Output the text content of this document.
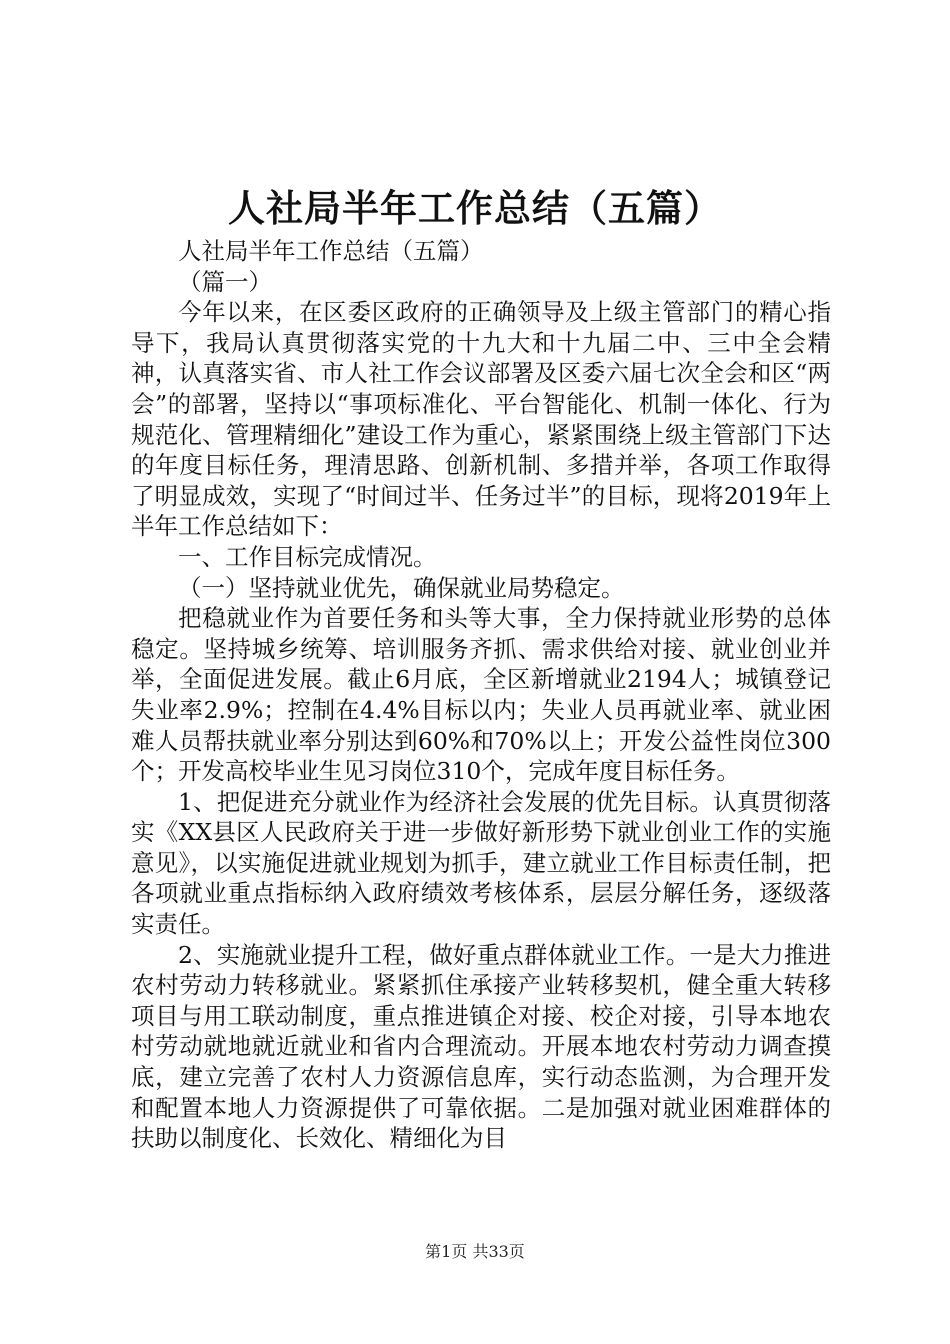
人社局半年工作总结（五篇）

人社局半年工作总结（五篇）

（篇一）

今年以来，在区委区政府的正确领导及上级主管部门的精心指导下，我局认真贯彻落实党的十九大和十九届二中、三中全会精神，认真落实省、市人社工作会议部署及区委六届七次全会和区“两会”的部署，坚持以“事项标准化、平台智能化、机制一体化、行为规范化、管理精细化”建设工作为重心，紧紧围绕上级主管部门下达的年度目标任务，理清思路、创新机制、多措并举，各项工作取得了明显成效，实现了“时间过半、任务过半”的目标，现将2019年上半年工作总结如下：

一、工作目标完成情况。

（一）坚持就业优先，确保就业局势稳定。

把稳就业作为首要任务和头等大事，全力保持就业形势的总体稳定。坚持城乡统筹、培训服务齐抓、需求供给对接、就业创业并举，全面促进发展。截止6月底，全区新增就业2194人；城镇登记失业率2.9%；控制在4.4%目标以内；失业人员再就业率、就业困难人员帮扶就业率分别达到60%和70%以上；开发公益性岗位300个；开发高校毕业生见习岗位310个，完成年度目标任务。

1、把促进充分就业作为经济社会发展的优先目标。认真贯彻落实《XX县区人民政府关于进一步做好新形势下就业创业工作的实施意见》，以实施促进就业规划为抓手，建立就业工作目标责任制，把各项就业重点指标纳入政府绩效考核体系，层层分解任务，逐级落实责任。

2、实施就业提升工程，做好重点群体就业工作。一是大力推进农村劳动力转移就业。紧紧抓住承接产业转移契机，健全重大转移项目与用工联动制度，重点推进镇企对接、校企对接，引导本地农村劳动就地就近就业和省内合理流动。开展本地农村劳动力调查摸底，建立完善了农村人力资源信息库，实行动态监测，为合理开发和配置本地人力资源提供了可靠依据。二是加强对就业困难群体的扶助以制度化、长效化、精细化为目

第1页 共33页
